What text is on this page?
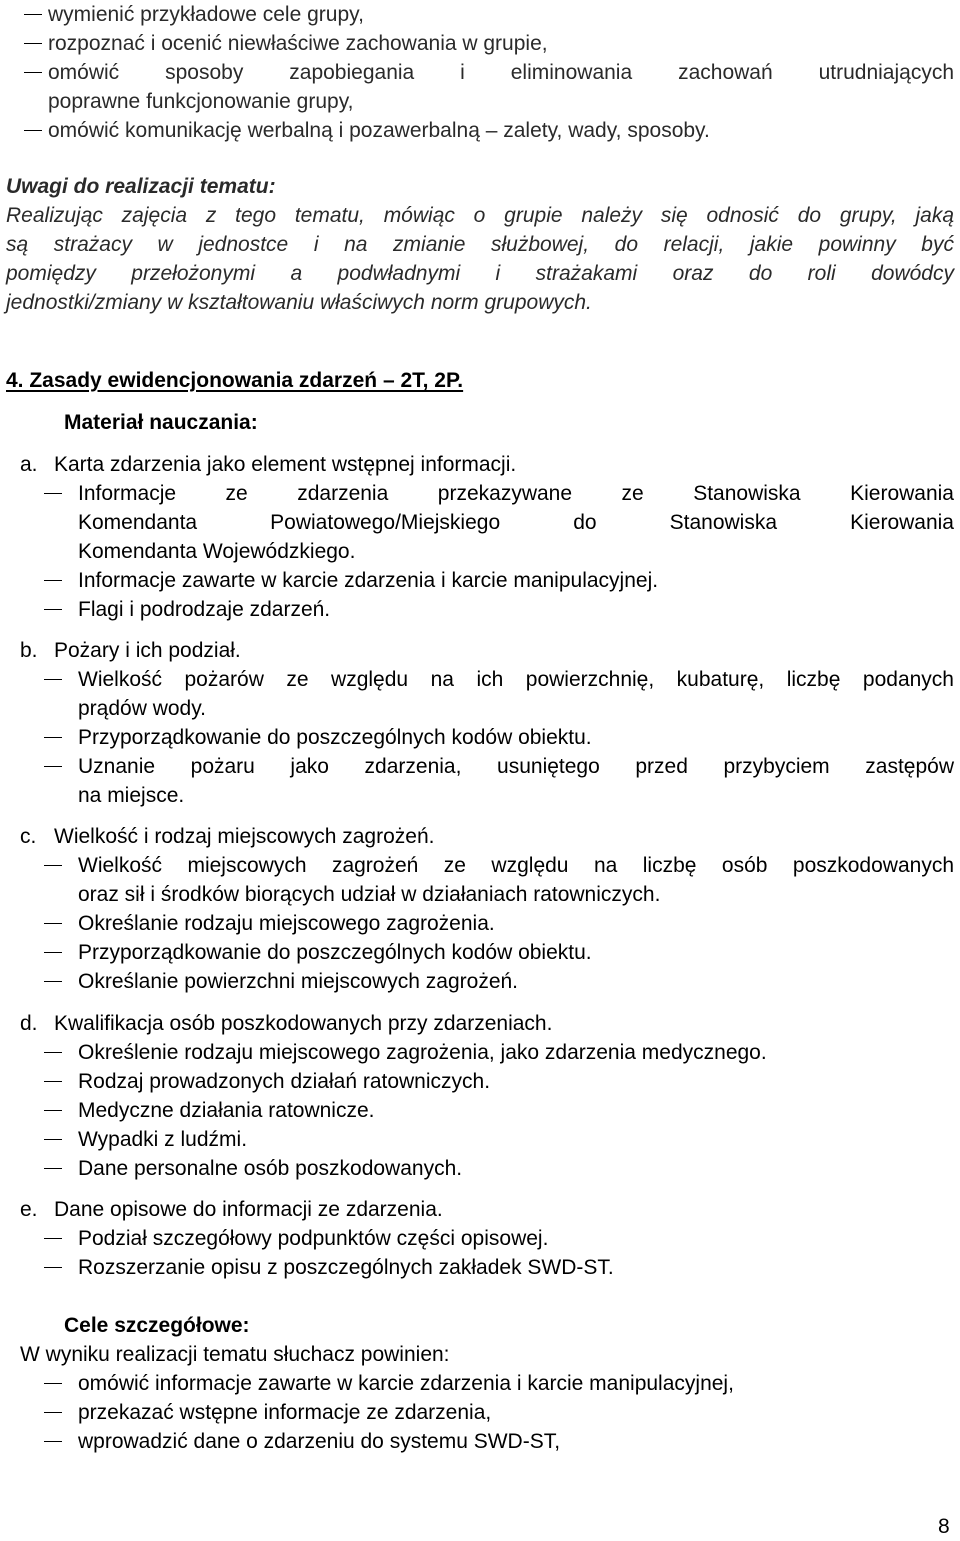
wymienić przykładowe cele grupy,
rozpoznać i ocenić niewłaściwe zachowania w grupie,
omówić sposoby zapobiegania i eliminowania zachowań utrudniających
poprawne funkcjonowanie grupy,
omówić komunikację werbalną i pozawerbalną – zalety, wady, sposoby.
Uwagi do realizacji tematu:
Realizując zajęcia z tego tematu, mówiąc o grupie należy się odnosić do grupy, jaką
są strażacy w jednostce i na zmianie służbowej, do relacji, jakie powinny być
pomiędzy przełożonymi a podwładnymi i strażakami oraz do roli dowódcy
jednostki/zmiany w kształtowaniu właściwych norm grupowych.
4. Zasady ewidencjonowania zdarzeń – 2T, 2P.
Materiał nauczania:
a. Karta zdarzenia jako element wstępnej informacji.
Informacje ze zdarzenia przekazywane ze Stanowiska Kierowania
Komendanta Powiatowego/Miejskiego do Stanowiska Kierowania
Komendanta Wojewódzkiego.
Informacje zawarte w karcie zdarzenia i karcie manipulacyjnej.
Flagi i podrodzaje zdarzeń.
b. Pożary i ich podział.
Wielkość pożarów ze względu na ich powierzchnię, kubaturę, liczbę podanych
prądów wody.
Przyporządkowanie do poszczególnych kodów obiektu.
Uznanie pożaru jako zdarzenia, usuniętego przed przybyciem zastępów
na miejsce.
c. Wielkość i rodzaj miejscowych zagrożeń.
Wielkość miejscowych zagrożeń ze względu na liczbę osób poszkodowanych
oraz sił i środków biorących udział w działaniach ratowniczych.
Określanie rodzaju miejscowego zagrożenia.
Przyporządkowanie do poszczególnych kodów obiektu.
Określanie powierzchni miejscowych zagrożeń.
d. Kwalifikacja osób poszkodowanych przy zdarzeniach.
Określenie rodzaju miejscowego zagrożenia, jako zdarzenia medycznego.
Rodzaj prowadzonych działań ratowniczych.
Medyczne działania ratownicze.
Wypadki z ludźmi.
Dane personalne osób poszkodowanych.
e. Dane opisowe do informacji ze zdarzenia.
Podział szczegółowy podpunktów części opisowej.
Rozszerzanie opisu z poszczególnych zakładek SWD-ST.
Cele szczegółowe:
W wyniku realizacji tematu słuchacz powinien:
omówić informacje zawarte w karcie zdarzenia i karcie manipulacyjnej,
przekazać wstępne informacje ze zdarzenia,
wprowadzić dane o zdarzeniu do systemu SWD-ST,
8
